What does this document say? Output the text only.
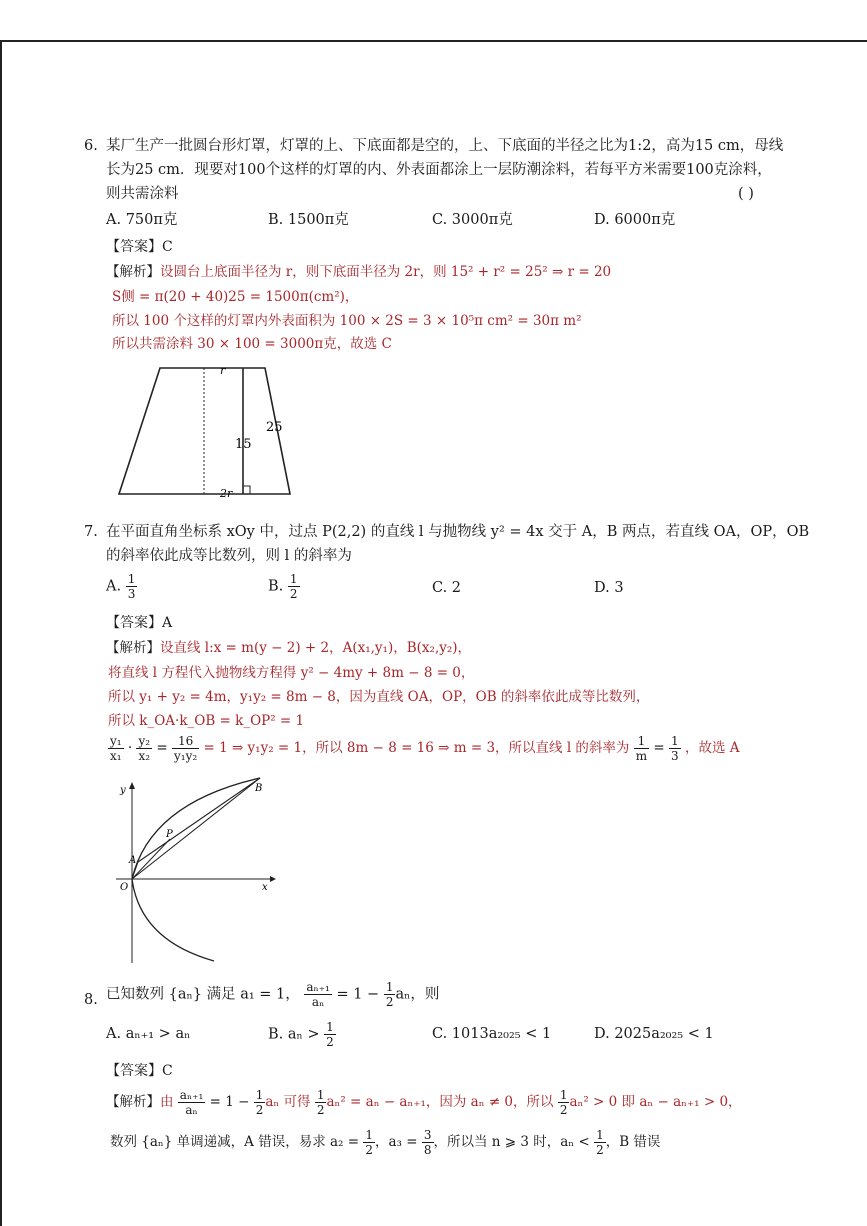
6. 某厂生产一批圆台形灯罩，灯罩的上、下底面都是空的，上、下底面的半径之比为1:2，高为15 cm，母线
长为25 cm．现要对100个这样的灯罩的内、外表面都涂上一层防潮涂料，若每平方米需要100克涂料，
则共需涂料	( )
A. 750π克	B. 1500π克	C. 3000π克	D. 6000π克
【答案】C
【解析】设圆台上底面半径为 r，则下底面半径为 2r，则 15² + r² = 25² ⇒ r = 20
S侧 = π(20 + 40)25 = 1500π(cm²)，
所以 100 个这样的灯罩内外表面积为 100 × 2S = 3 × 10⁵π cm² = 30π m²
所以共需涂料 30 × 100 = 3000π克，故选 C
r
25
15
2r
7. 在平面直角坐标系 xOy 中，过点 P(2,2) 的直线 l 与抛物线 y² = 4x 交于 A，B 两点，若直线 OA，OP，OB
的斜率依此成等比数列，则 l 的斜率为
A. $\frac{1}{3}$	B. $\frac{1}{2}$	C. 2	D. 3
【答案】A
【解析】设直线 l:x = m(y − 2) + 2，A(x₁,y₁)，B(x₂,y₂)，
将直线 l 方程代入抛物线方程得 y² − 4my + 8m − 8 = 0，
所以 y₁ + y₂ = 4m，y₁y₂ = 8m − 8，因为直线 OA，OP，OB 的斜率依此成等比数列，
所以 k_OA·k_OB = k_OP² = 1
$\frac{\text{y₁}}{\text{x₁}} \cdot \frac{\text{y₂}}{\text{x₂}} = \frac{16}{\text{y₁y₂}} = 1$ ⇒ y₁y₂ = 1，所以 8m − 8 = 16 ⇒ m = 3，所以直线 l 的斜率为 $\frac{1}{m} = \frac{1}{3}$ ，故选 A
y
x
O
A
P
B
8. 已知数列 {aₙ} 满足 a₁ = 1， $\frac{\text{aₙ₊₁}}{\text{aₙ}} = 1 - \frac{1}{2}$ aₙ，则
A. aₙ₊₁ > aₙ	B. $a_n > \frac{1}{2}$	C. 1013a₂₀₂₅ < 1	D. 2025a₂₀₂₅ < 1
【答案】C
【解析】由 $\frac{\text{aₙ₊₁}}{\text{aₙ}} = 1 - \frac{1}{2}$ aₙ 可得 $\frac{1}{2} a_n^2 = a_n - a_{n+1}$，因为 aₙ ≠ 0，所以 $\frac{1}{2} a_n^2 > 0$ 即 aₙ − aₙ₊₁ > 0，
数列 {aₙ} 单调递减，A 错误，易求 $a_2 = \frac{1}{2}$ ，$a_3 = \frac{3}{8}$ ，所以当 n ⩾ 3 时，$a_n < \frac{1}{2}$ ，B 错误
